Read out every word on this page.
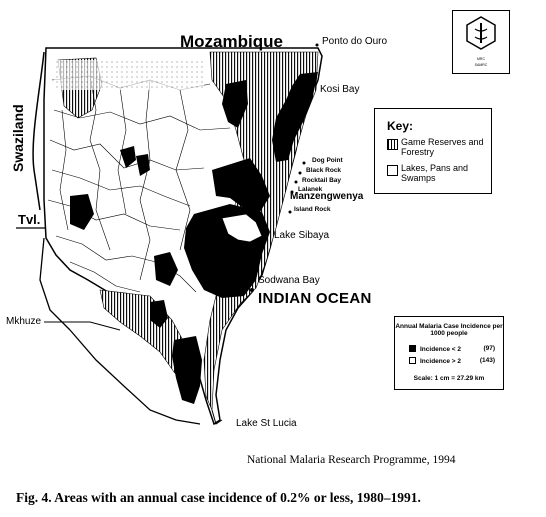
Mozambique	Ponto do Ouro
Kosi Bay
Swaziland	Dog Point
Black Rock
Rocktail Bay
Lalanek
Manzengwenya
Island Rock
Tvl.
Lake Sibaya
Sodwana Bay
INDIAN OCEAN
Mkhuze
Lake St Lucia
Key:
Game Reserves and Forestry
Lakes, Pans and Swamps
Annual Malaria Case Incidence per 1000 people
Incidence < 2	(97)
Incidence > 2	(143)
Scale: 1 cm = 27.29 km
MRC
SAMRC
National Malaria Research Programme, 1994
Fig. 4. Areas with an annual case incidence of 0.2% or less, 1980–1991.
